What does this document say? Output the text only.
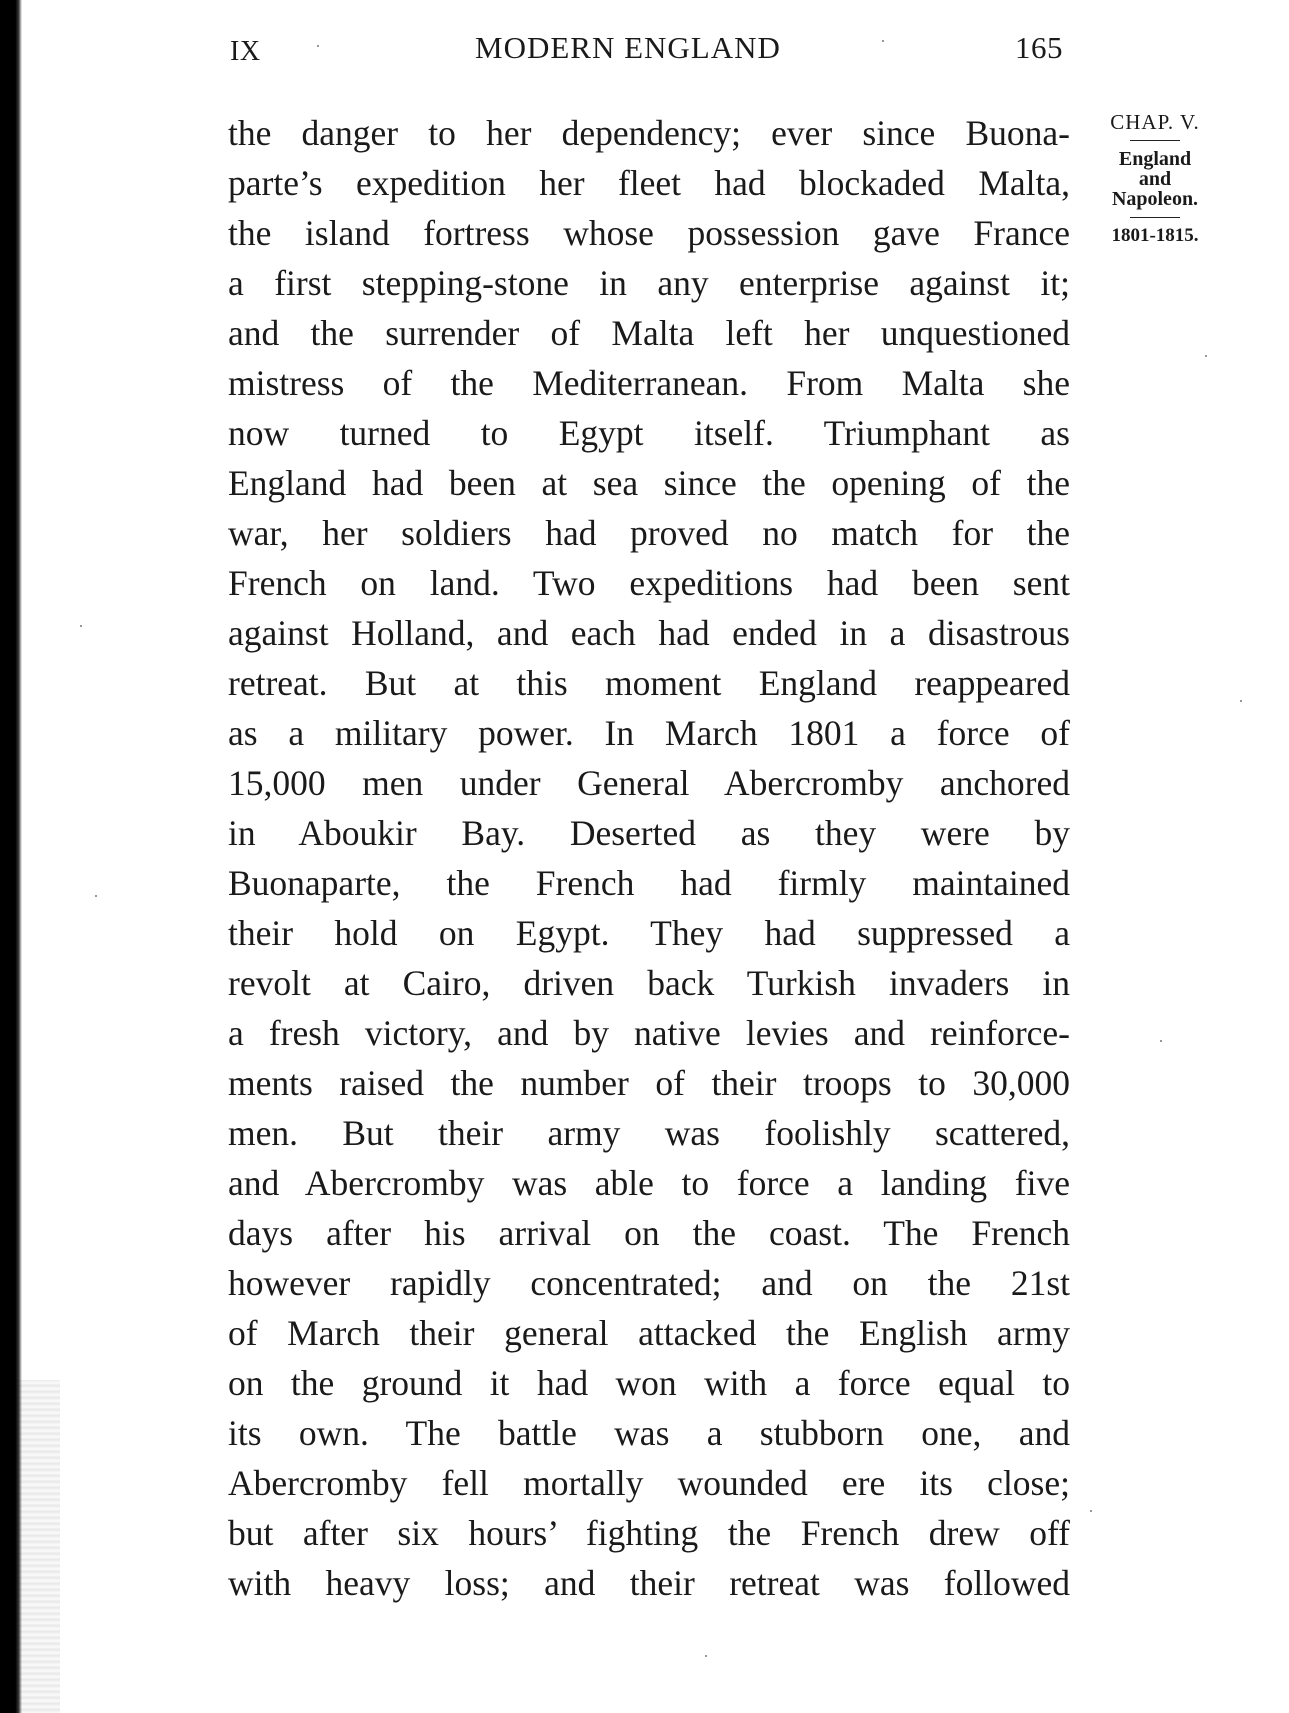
IX	MODERN ENGLAND	165
CHAP. V.
England
and
Napoleon.
1801-1815.
the danger to her dependency; ever since Buona-
parte’s expedition her fleet had blockaded Malta,
the island fortress whose possession gave France
a first stepping-stone in any enterprise against it;
and the surrender of Malta left her unquestioned
mistress of the Mediterranean. From Malta she
now turned to Egypt itself. Triumphant as
England had been at sea since the opening of the
war, her soldiers had proved no match for the
French on land. Two expeditions had been sent
against Holland, and each had ended in a disastrous
retreat. But at this moment England reappeared
as a military power. In March 1801 a force of
15,000 men under General Abercromby anchored
in Aboukir Bay. Deserted as they were by
Buonaparte, the French had firmly maintained
their hold on Egypt. They had suppressed a
revolt at Cairo, driven back Turkish invaders in
a fresh victory, and by native levies and reinforce-
ments raised the number of their troops to 30,000
men. But their army was foolishly scattered,
and Abercromby was able to force a landing five
days after his arrival on the coast. The French
however rapidly concentrated; and on the 21st
of March their general attacked the English army
on the ground it had won with a force equal to
its own. The battle was a stubborn one, and
Abercromby fell mortally wounded ere its close;
but after six hours’ fighting the French drew off
with heavy loss; and their retreat was followed
